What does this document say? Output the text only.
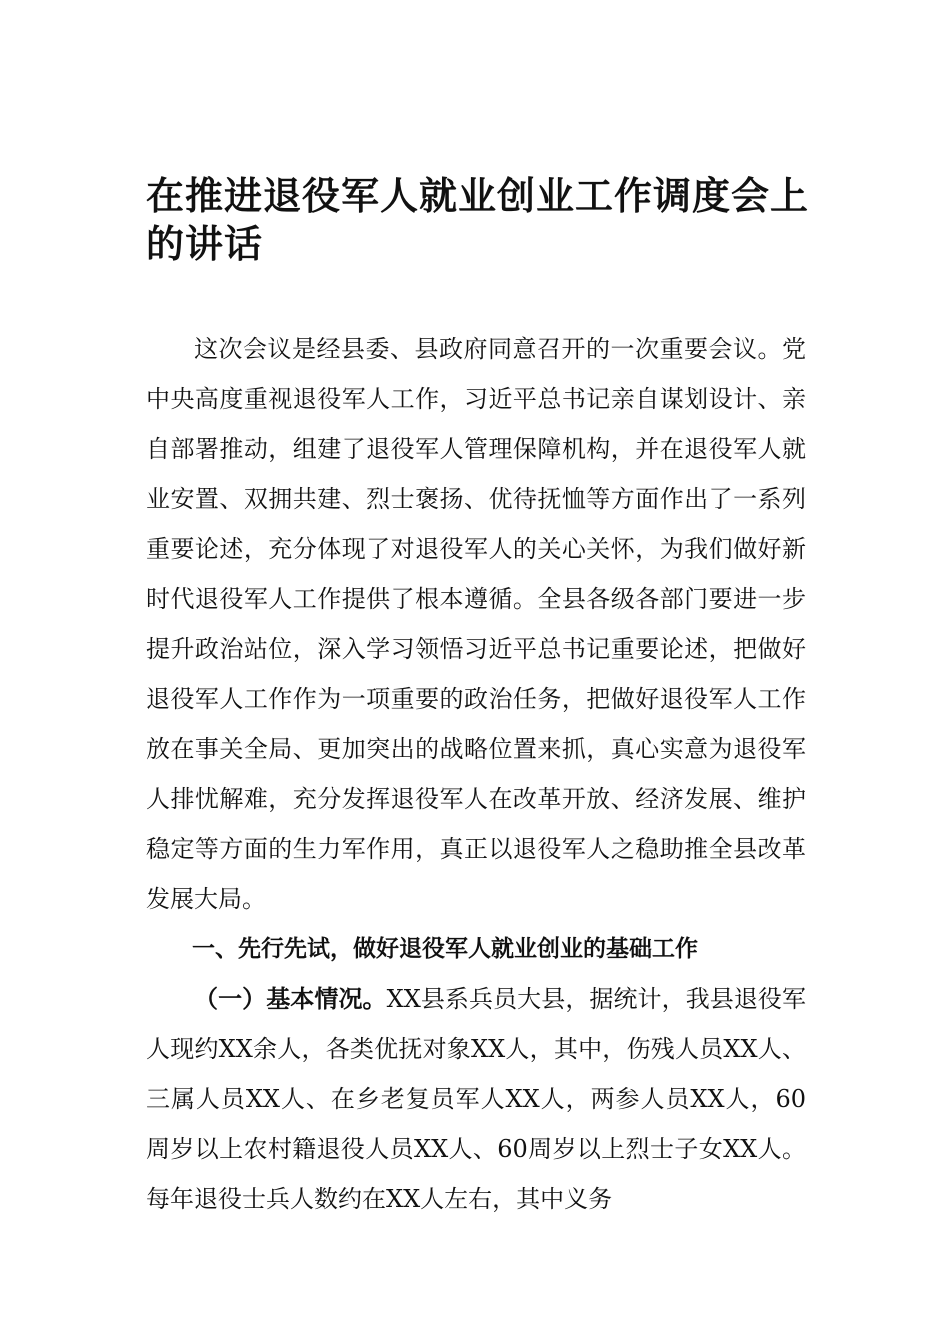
在推进退役军人就业创业工作调度会上的讲话

这次会议是经县委、县政府同意召开的一次重要会议。党中央高度重视退役军人工作，习近平总书记亲自谋划设计、亲自部署推动，组建了退役军人管理保障机构，并在退役军人就业安置、双拥共建、烈士褒扬、优待抚恤等方面作出了一系列重要论述，充分体现了对退役军人的关心关怀，为我们做好新时代退役军人工作提供了根本遵循。全县各级各部门要进一步提升政治站位，深入学习领悟习近平总书记重要论述，把做好退役军人工作作为一项重要的政治任务，把做好退役军人工作放在事关全局、更加突出的战略位置来抓，真心实意为退役军人排忧解难，充分发挥退役军人在改革开放、经济发展、维护稳定等方面的生力军作用，真正以退役军人之稳助推全县改革发展大局。

一、先行先试，做好退役军人就业创业的基础工作

（一）基本情况。XX县系兵员大县，据统计，我县退役军人现约XX余人，各类优抚对象XX人，其中，伤残人员XX人、三属人员XX人、在乡老复员军人XX人，两参人员XX人，60周岁以上农村籍退役人员XX人、60周岁以上烈士子女XX人。每年退役士兵人数约在XX人左右，其中义务
